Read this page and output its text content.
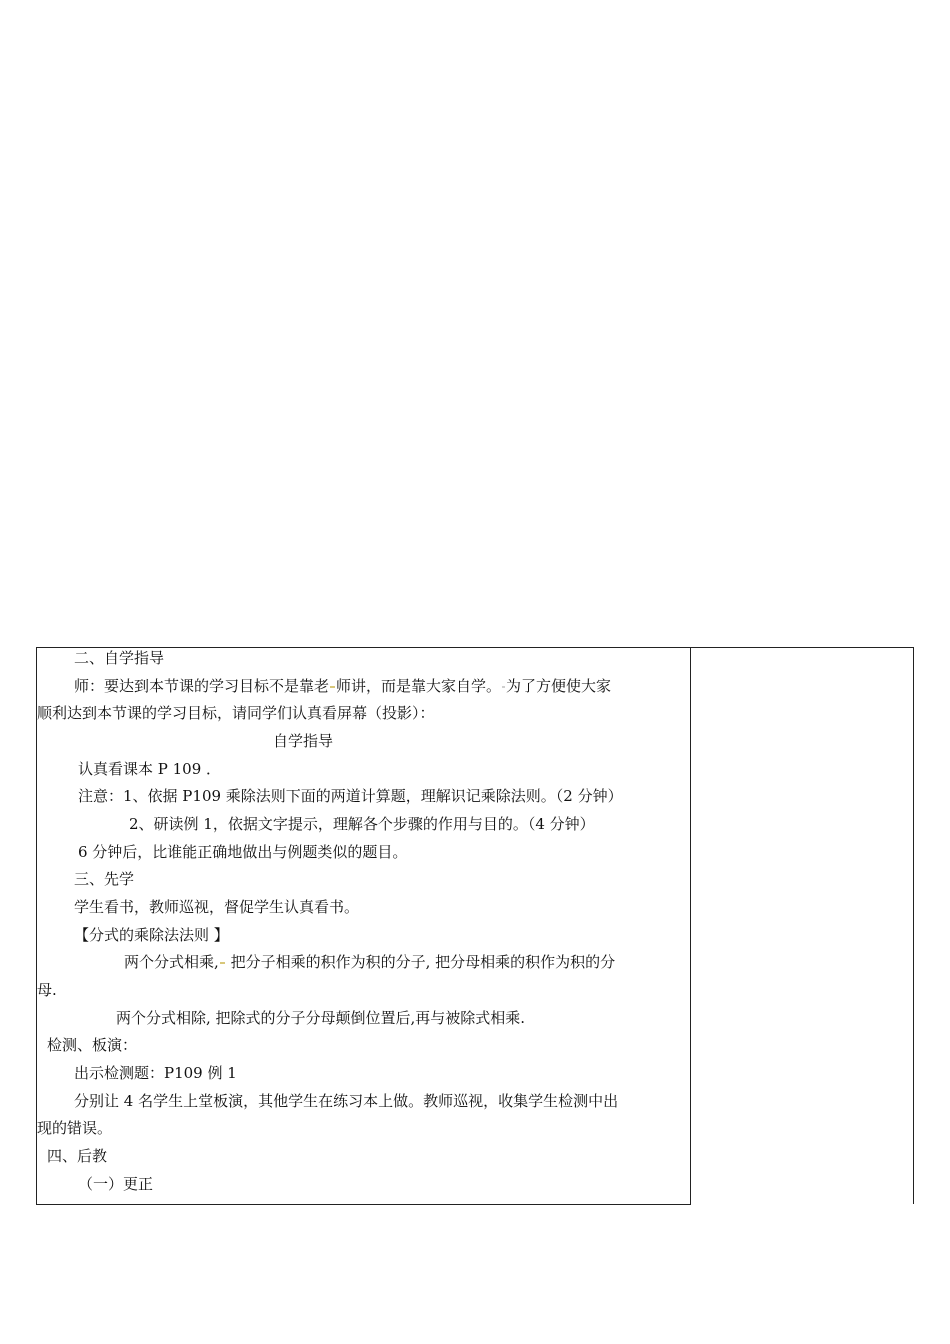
二、自学指导
师：要达到本节课的学习目标不是靠老 师讲，而是靠大家自学。 为了方便使大家
顺利达到本节课的学习目标，请同学们认真看屏幕（投影）：
自学指导
认真看课本 P 109 ．
注意：1、依据 P109 乘除法则下面的两道计算题，理解识记乘除法则。（2 分钟）
2、研读例 1，依据文字提示，理解各个步骤的作用与目的。（4 分钟）
6 分钟后，比谁能正确地做出与例题类似的题目。
三、先学
学生看书，教师巡视，督促学生认真看书。
【分式的乘除法法则 】
两个分式相乘, 把分子相乘的积作为积的分子, 把分母相乘的积作为积的分
母.
两个分式相除, 把除式的分子分母颠倒位置后,再与被除式相乘.
检测、板演：
出示检测题：P109 例 1
分别让 4 名学生上堂板演，其他学生在练习本上做。教师巡视，收集学生检测中出
现的错误。
四、后教
（一）更正
